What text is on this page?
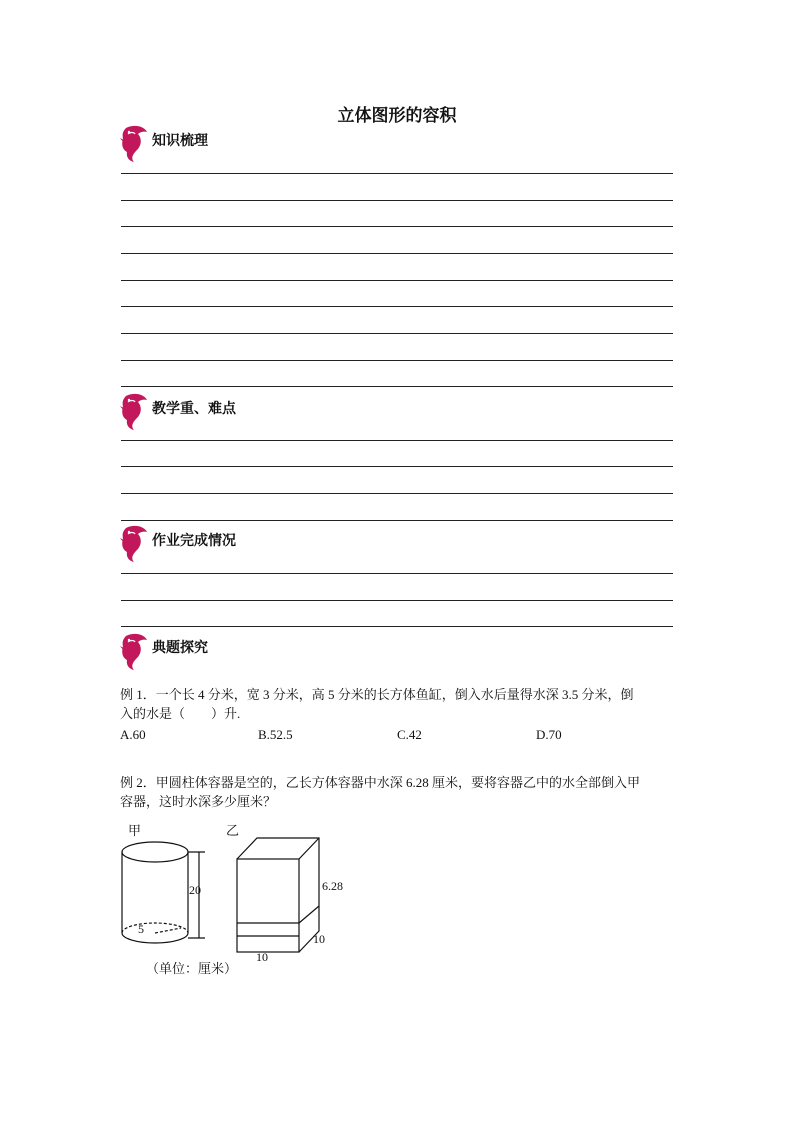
立体图形的容积
知识梳理
教学重、难点
作业完成情况
典题探究

例 1．一个长 4 分米，宽 3 分米，高 5 分米的长方体鱼缸，倒入水后量得水深 3.5 分米，倒

入的水是（　　）升.

A.60	B.52.5	C.42	D.70

例 2．甲圆柱体容器是空的，乙长方体容器中水深 6.28 厘米，要将容器乙中的水全部倒入甲

容器，这时水深多少厘米？

甲	乙
20
5
6.28
10
10
（单位：厘米）
